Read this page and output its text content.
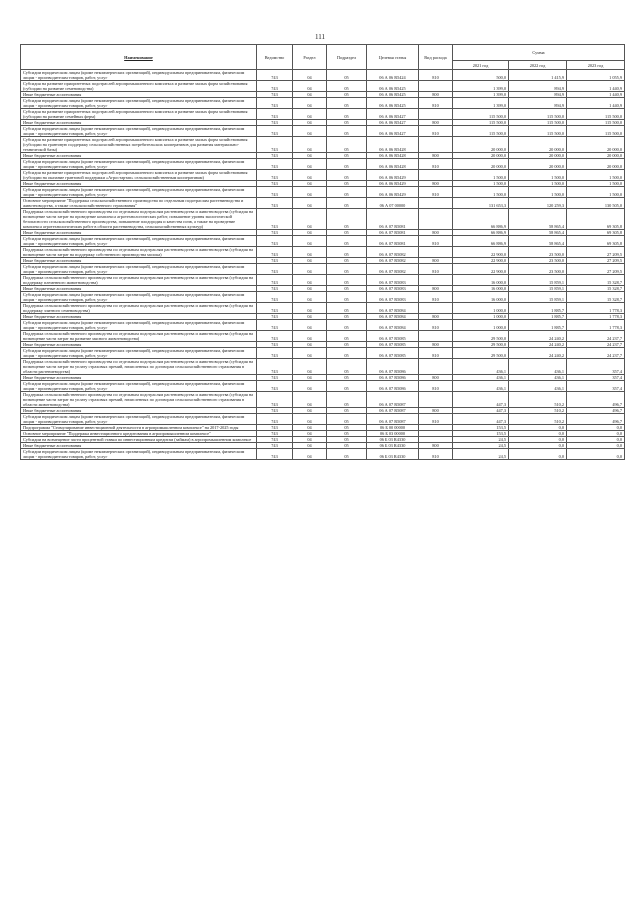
111
Наименование	Ведомство	Раздел	Подраздел	Целевая статья	Вид расхода	Сумма		
						2021 год	2022 год	2023 год
Субсидии юридическим лицам (кроме некоммерческих организаций), индивидуальным предпринимателям, физическим лицам - производителям товаров, работ, услуг	743	04	05	06 А 06 R5424	810	500,0	1 415,9	1 055,9
Субсидия на развитие приоритетных подотраслей агропромышленного комплекса и развитие малых форм хозяйствования (субсидии на развитие семеноводства)	743	04	05	06 А 06 R5425		1 399,0	894,9	1 440,9
Иные бюджетные ассигнования	743	04	05	06 А 06 R5425	800	1 399,0	894,9	1 440,9
Субсидии юридическим лицам (кроме некоммерческих организаций), индивидуальным предпринимателям, физическим лицам - производителям товаров, работ, услуг	743	04	05	06 А 06 R5425	810	1 399,0	894,9	1 440,9
Субсидия на развитие приоритетных подотраслей агропромышленного комплекса и развитие малых форм хозяйствования (субсидии на развитие семейных ферм)	743	04	05	06 А 06 R5427		115 500,0	115 500,0	115 500,0
Иные бюджетные ассигнования	743	04	05	06 А 06 R5427	800	115 500,0	115 500,0	115 500,0
Субсидии юридическим лицам (кроме некоммерческих организаций), индивидуальным предпринимателям, физическим лицам - производителям товаров, работ, услуг	743	04	05	06 А 06 R5427	810	115 500,0	115 500,0	115 500,0
Субсидия на развитие приоритетных подотраслей агропромышленного комплекса и развитие малых форм хозяйствования (субсидии на грантовую поддержку сельскохозяйственных потребительских кооперативов для развития материально-технической базы)	743	04	05	06 А 06 R5428		20 000,0	20 000,0	20 000,0
Иные бюджетные ассигнования	743	04	05	06 А 06 R5428	800	20 000,0	20 000,0	20 000,0
Субсидии юридическим лицам (кроме некоммерческих организаций), индивидуальным предпринимателям, физическим лицам - производителям товаров, работ, услуг	743	04	05	06 А 06 R5428	810	20 000,0	20 000,0	20 000,0
Субсидия на развитие приоритетных подотраслей агропромышленного комплекса и развитие малых форм хозяйствования (субсидии на оказание грантовой поддержки «Агростартап» сельскохозяйственным кооперативам)	743	04	05	06 А 06 R5429		1 500,0	1 500,0	1 500,0
Иные бюджетные ассигнования	743	04	05	06 А 06 R5429	800	1 500,0	1 500,0	1 500,0
Субсидии юридическим лицам (кроме некоммерческих организаций), индивидуальным предпринимателям, физическим лицам - производителям товаров, работ, услуг	743	04	05	06 А 06 R5429	810	1 500,0	1 500,0	1 500,0
Основное мероприятие "Поддержка сельскохозяйственного производства по отдельным подотраслям растениеводства и животноводства, а также сельскохозяйственного страхования"	743	04	05	06 А 07 00000		131 653,3	120 259,3	130 505,0
Поддержка сельскохозяйственного производства по отдельным подотраслям растениеводства и животноводства (субсидия на возмещение части затрат на проведение комплекса агротехнологических работ, повышение уровня экологической безопасности сельскохозяйственного производства, повышение плодородия и качества почв, а также на проведение комплекса агротехнологических работ в области растениеводства, сельскохозяйственных культур)	743	04	05	06 А 07 R5081		66 886,9	58 865,4	69 305,8
Иные бюджетные ассигнования	743	04	05	06 А 07 R5081	800	66 886,9	58 865,4	69 305,8
Субсидии юридическим лицам (кроме некоммерческих организаций), индивидуальным предпринимателям, физическим лицам - производителям товаров, работ, услуг	743	04	05	06 А 07 R5081	810	66 886,9	58 865,4	69 305,8
Поддержка сельскохозяйственного производства по отдельным подотраслям растениеводства и животноводства (субсидия на возмещение части затрат на поддержку собственного производства молока)	743	04	05	06 А 07 R5082		22 900,0	23 500,0	27 209,5
Иные бюджетные ассигнования	743	04	05	06 А 07 R5082	800	22 900,0	23 500,0	27 209,5
Субсидии юридическим лицам (кроме некоммерческих организаций), индивидуальным предпринимателям, физическим лицам - производителям товаров, работ, услуг	743	04	05	06 А 07 R5082	810	22 900,0	23 500,0	27 209,5
Поддержка сельскохозяйственного производства по отдельным подотраслям растениеводства и животноводства (субсидия на поддержку племенного животноводства)	743	04	05	06 А 07 R5083		16 000,0	15 859,1	15 328,7
Иные бюджетные ассигнования	743	04	05	06 А 07 R5083	800	16 000,0	15 859,1	15 328,7
Субсидии юридическим лицам (кроме некоммерческих организаций), индивидуальным предпринимателям, физическим лицам - производителям товаров, работ, услуг	743	04	05	06 А 07 R5083	810	16 000,0	15 859,1	15 328,7
Поддержка сельскохозяйственного производства по отдельным подотраслям растениеводства и животноводства (субсидия на поддержку элитного семеноводства)	743	04	05	06 А 07 R5084		1 000,0	1 885,7	1 778,3
Иные бюджетные ассигнования	743	04	05	06 А 07 R5084	800	1 000,0	1 885,7	1 778,3
Субсидии юридическим лицам (кроме некоммерческих организаций), индивидуальным предпринимателям, физическим лицам - производителям товаров, работ, услуг	743	04	05	06 А 07 R5084	810	1 000,0	1 885,7	1 778,3
Поддержка сельскохозяйственного производства по отдельным подотраслям растениеводства и животноводства (субсидия на возмещение части затрат на развитие мясного животноводства)	743	04	05	06 А 07 R5085		29 500,0	24 240,2	24 237,7
Иные бюджетные ассигнования	743	04	05	06 А 07 R5085	800	29 500,0	24 240,2	24 237,7
Субсидии юридическим лицам (кроме некоммерческих организаций), индивидуальным предпринимателям, физическим лицам - производителям товаров, работ, услуг	743	04	05	06 А 07 R5085	810	29 500,0	24 240,2	24 237,7
Поддержка сельскохозяйственного производства по отдельным подотраслям растениеводства и животноводства (субсидия на возмещение части затрат на уплату страховых премий, начисленных по договорам сельскохозяйственного страхования в области растениеводства)	743	04	05	06 А 07 R5086		436,1	436,1	357,4
Иные бюджетные ассигнования	743	04	05	06 А 07 R5086	800	436,1	436,1	357,4
Субсидии юридическим лицам (кроме некоммерческих организаций), индивидуальным предпринимателям, физическим лицам - производителям товаров, работ, услуг	743	04	05	06 А 07 R5086	810	436,1	436,1	357,4
Поддержка сельскохозяйственного производства по отдельным подотраслям растениеводства и животноводства (субсидия на возмещение части затрат на уплату страховых премий, начисленных по договорам сельскохозяйственного страхования в области животноводства)	743	04	05	06 А 07 R5087		447,3	510,2	496,7
Иные бюджетные ассигнования	743	04	05	06 А 07 R5087	800	447,3	510,2	496,7
Субсидии юридическим лицам (кроме некоммерческих организаций), индивидуальным предпринимателям, физическим лицам - производителям товаров, работ, услуг	743	04	05	06 А 07 R5087	810	447,3	510,2	496,7
Подпрограмма "Стимулирование инвестиционной деятельности в агропромышленном комплексе" на 2017-2025 годы	743	04	05	06 Б 00 00000		153,5	0,0	0,0
Основное мероприятие "Поддержка инвестиционного кредитования в агропромышленном комплексе"	743	04	05	06 Б 03 00000		153,5	0,0	0,0
Субсидии на возмещение части процентной ставки по инвестиционным кредитам (займам) в агропромышленном комплексе	743	04	05	06 Б 03 R4330		24,5	0,0	0,0
Иные бюджетные ассигнования	743	04	05	06 Б 03 R4330	800	24,5	0,0	0,0
Субсидии юридическим лицам (кроме некоммерческих организаций), индивидуальным предпринимателям, физическим лицам - производителям товаров, работ, услуг	743	04	05	06 Б 03 R4330	810	24,5	0,0	0,0
